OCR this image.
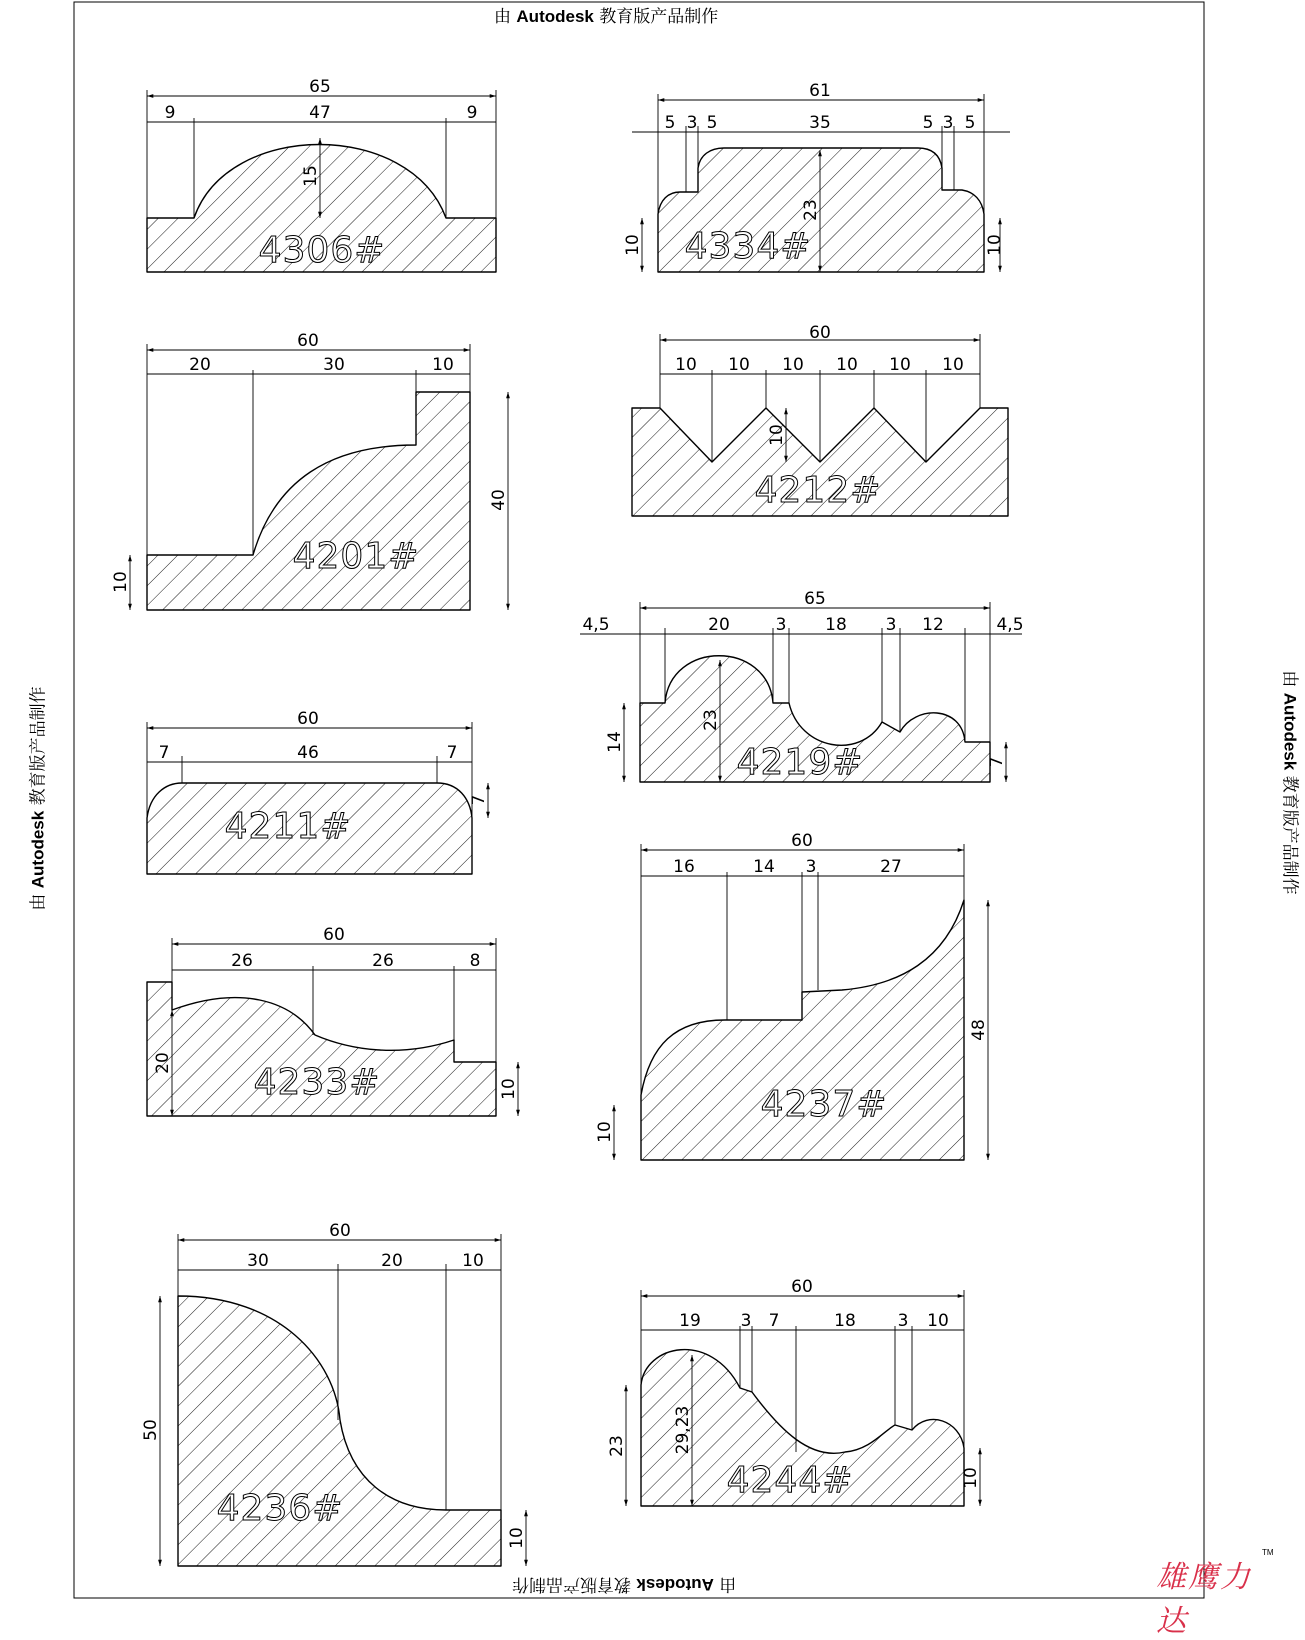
65
9	47	9
15
61
5 3 5	35	5 3 5
23
10	10
60
20	30	10
40
10
60
10 10 10 10 10 10
10
65
4,5	20	3 18 3 12	4,5
23
14
7
60
7	46	7
7
60
16	14 3	27
48
10
60
26	26	8
20
10
60
30	20	10
50
10
60
19 3 7	18 3 10
23	29,23
10
4306#	4334#
4201#
4212#
4219#
4211#
4237#
4233#
4236#
4244#
由 Autodesk 教育版产品制作
由 Autodesk 教育版产品制作
由 Autodesk 教育版产品制作
由 Autodesk 教育版产品制作
雄鹰力达
TM
